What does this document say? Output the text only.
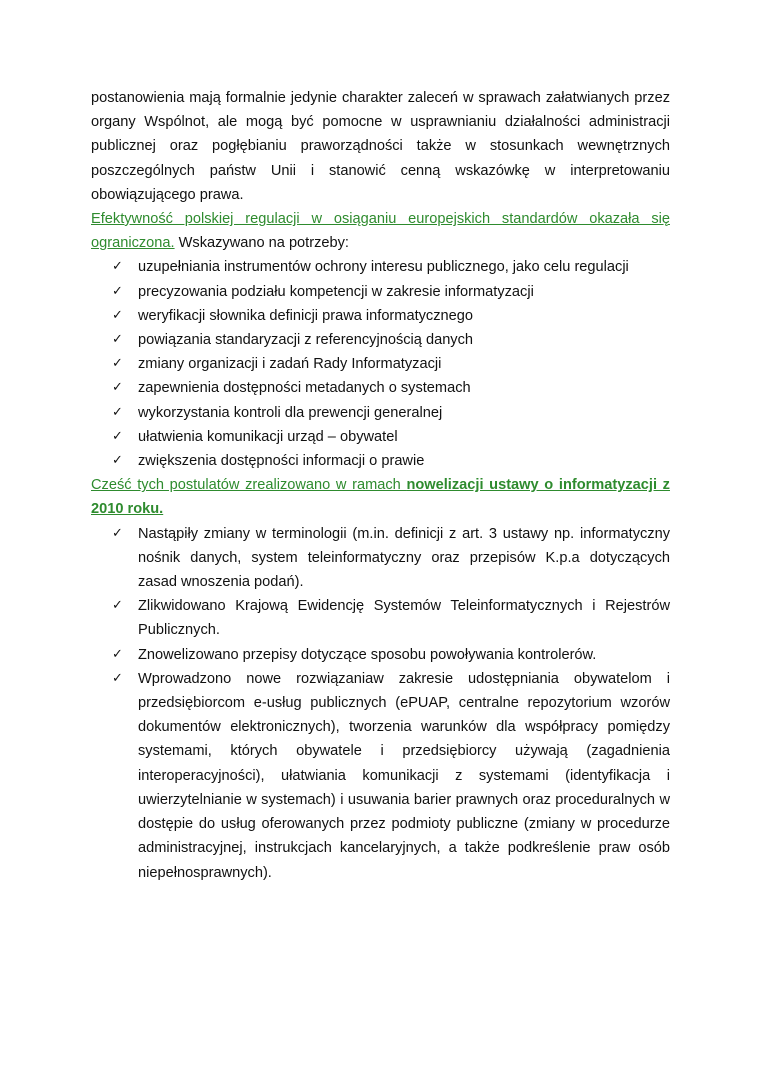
postanowienia mają formalnie jedynie charakter zaleceń w sprawach załatwianych przez organy Wspólnot, ale mogą być pomocne w usprawnianiu działalności administracji publicznej oraz pogłębianiu praworządności także w stosunkach wewnętrznych poszczególnych państw Unii i stanowić cenną wskazówkę w interpretowaniu obowiązującego prawa.

Efektywność polskiej regulacji w osiąganiu europejskich standardów okazała się ograniczona. Wskazywano na potrzeby:

✓ uzupełniania instrumentów ochrony interesu publicznego, jako celu regulacji
✓ precyzowania podziału kompetencji w zakresie informatyzacji
✓ weryfikacji słownika definicji prawa informatycznego
✓ powiązania standaryzacji z referencyjnością danych
✓ zmiany organizacji i zadań Rady Informatyzacji
✓ zapewnienia dostępności metadanych o systemach
✓ wykorzystania kontroli dla prewencji generalnej
✓ ułatwienia komunikacji urząd – obywatel
✓ zwiększenia dostępności informacji o prawie

Cześć tych postulatów zrealizowano w ramach nowelizacji ustawy o informatyzacji z 2010 roku.

✓ Nastąpiły zmiany w terminologii (m.in. definicji z art. 3 ustawy np. informatyczny nośnik danych, system teleinformatyczny oraz przepisów K.p.a dotyczących zasad wnoszenia podań).
✓ Zlikwidowano Krajową Ewidencję Systemów Teleinformatycznych i Rejestrów Publicznych.
✓ Znowelizowano przepisy dotyczące sposobu powoływania kontrolerów.
✓ Wprowadzono nowe rozwiązaniaw zakresie udostępniania obywatelom i przedsiębiorcom e-usług publicznych (ePUAP, centralne repozytorium wzorów dokumentów elektronicznych), tworzenia warunków dla współpracy pomiędzy systemami, których obywatele i przedsiębiorcy używają (zagadnienia interoperacyjności), ułatwiania komunikacji z systemami (identyfikacja i uwierzytelnianie w systemach) i usuwania barier prawnych oraz proceduralnych w dostępie do usług oferowanych przez podmioty publiczne (zmiany w procedurze administracyjnej, instrukcjach kancelaryjnych, a także podkreślenie praw osób niepełnosprawnych).
